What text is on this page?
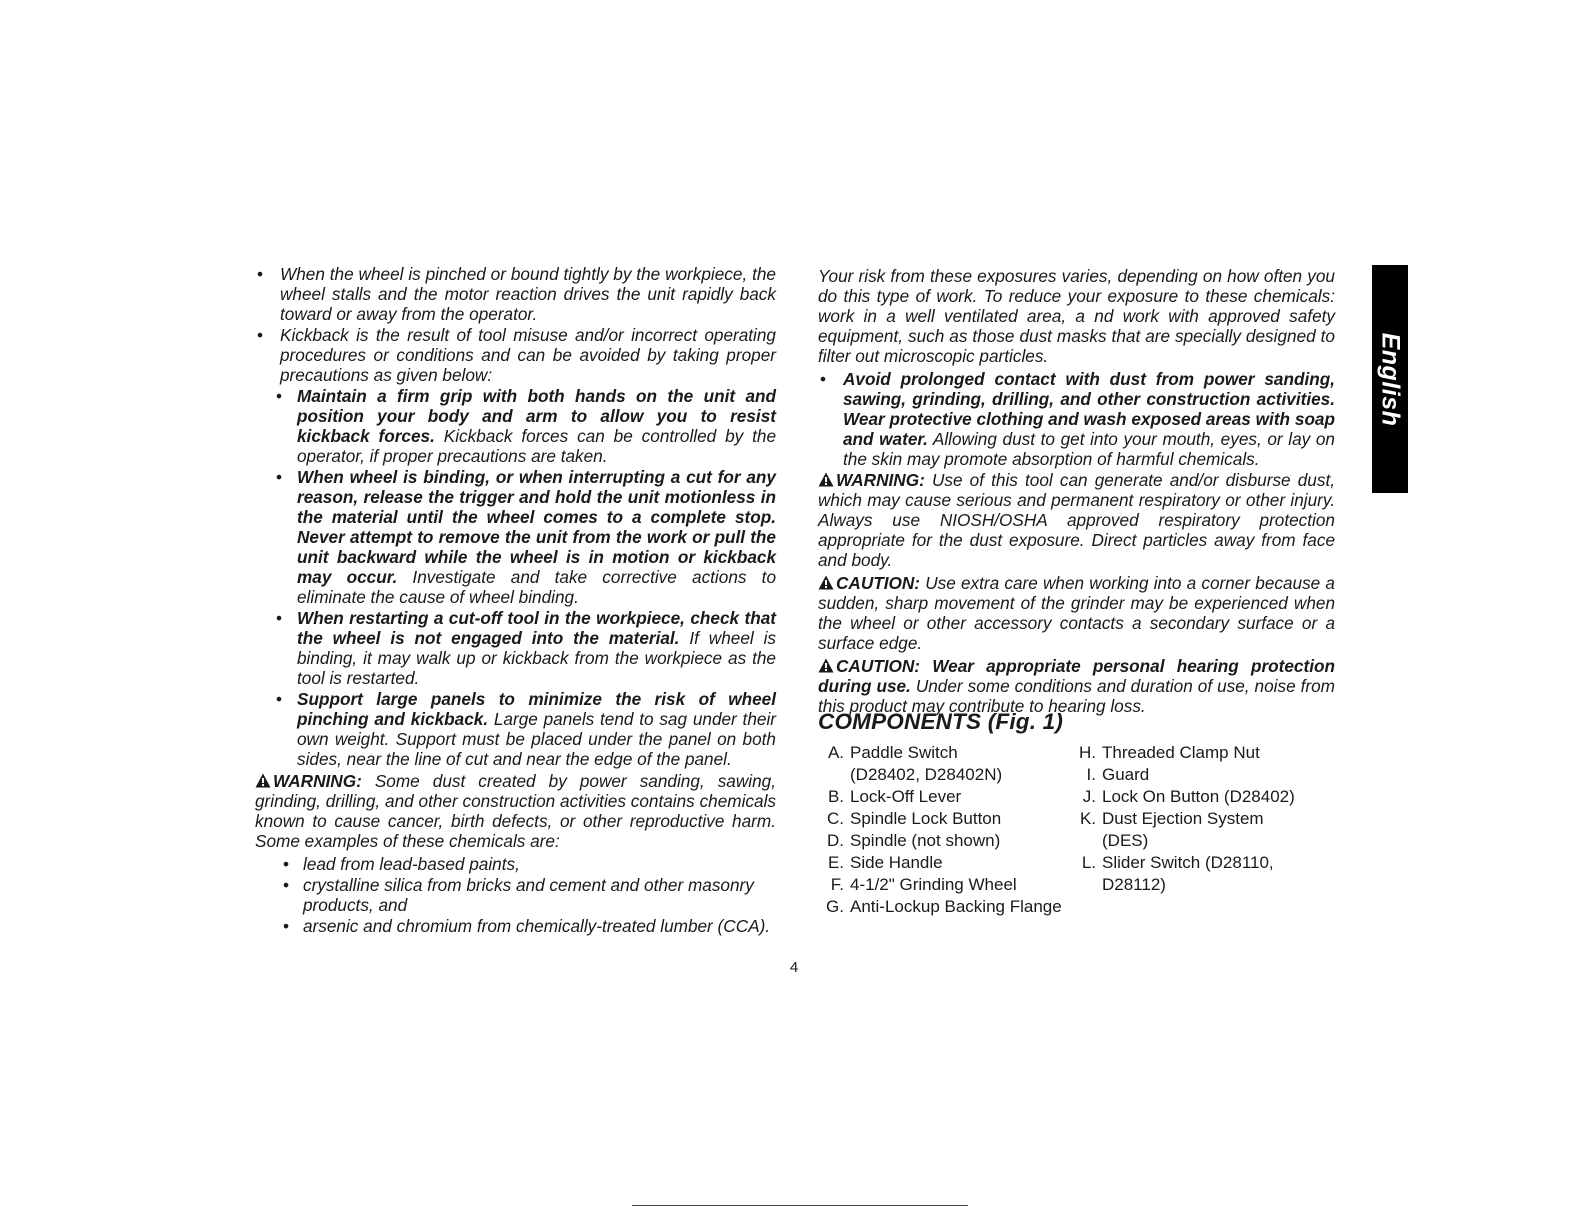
• When the wheel is pinched or bound tightly by the workpiece, the wheel stalls and the motor reaction drives the unit rapidly back toward or away from the operator.

• Kickback is the result of tool misuse and/or incorrect operating procedures or conditions and can be avoided by taking proper precautions as given below:

• Maintain a firm grip with both hands on the unit and position your body and arm to allow you to resist kickback forces. Kickback forces can be controlled by the operator, if proper precautions are taken.

• When wheel is binding, or when interrupting a cut for any reason, release the trigger and hold the unit motionless in the material until the wheel comes to a complete stop. Never attempt to remove the unit from the work or pull the unit backward while the wheel is in motion or kickback may occur. Investigate and take corrective actions to eliminate the cause of wheel binding.

• When restarting a cut-off tool in the workpiece, check that the wheel is not engaged into the material. If wheel is binding, it may walk up or kickback from the workpiece as the tool is restarted.

• Support large panels to minimize the risk of wheel pinching and kickback. Large panels tend to sag under their own weight. Support must be placed under the panel on both sides, near the line of cut and near the edge of the panel.

WARNING: Some dust created by power sanding, sawing, grinding, drilling, and other construction activities contains chemicals known to cause cancer, birth defects, or other reproductive harm. Some examples of these chemicals are:

• lead from lead-based paints,

• crystalline silica from bricks and cement and other masonry products, and

• arsenic and chromium from chemically-treated lumber (CCA).

Your risk from these exposures varies, depending on how often you do this type of work. To reduce your exposure to these chemicals: work in a well ventilated area, a nd work with approved safety equipment, such as those dust masks that are specially designed to filter out microscopic particles.

• Avoid prolonged contact with dust from power sanding, sawing, grinding, drilling, and other construction activities. Wear protective clothing and wash exposed areas with soap and water. Allowing dust to get into your mouth, eyes, or lay on the skin may promote absorption of harmful chemicals.

WARNING: Use of this tool can generate and/or disburse dust, which may cause serious and permanent respiratory or other injury. Always use NIOSH/OSHA approved respiratory protection appropriate for the dust exposure. Direct particles away from face and body.

CAUTION: Use extra care when working into a corner because a sudden, sharp movement of the grinder may be experienced when the wheel or other accessory contacts a secondary surface or a surface edge.

CAUTION: Wear appropriate personal hearing protection during use. Under some conditions and duration of use, noise from this product may contribute to hearing loss.

COMPONENTS (Fig. 1)
A. Paddle Switch
(D28402, D28402N)
B. Lock-Off Lever
C. Spindle Lock Button
D. Spindle (not shown)
E. Side Handle
F. 4-1/2" Grinding Wheel
G. Anti-Lockup Backing Flange
H. Threaded Clamp Nut
I. Guard
J. Lock On Button (D28402)
K. Dust Ejection System
(DES)
L. Slider Switch (D28110,
D28112)
4
English
